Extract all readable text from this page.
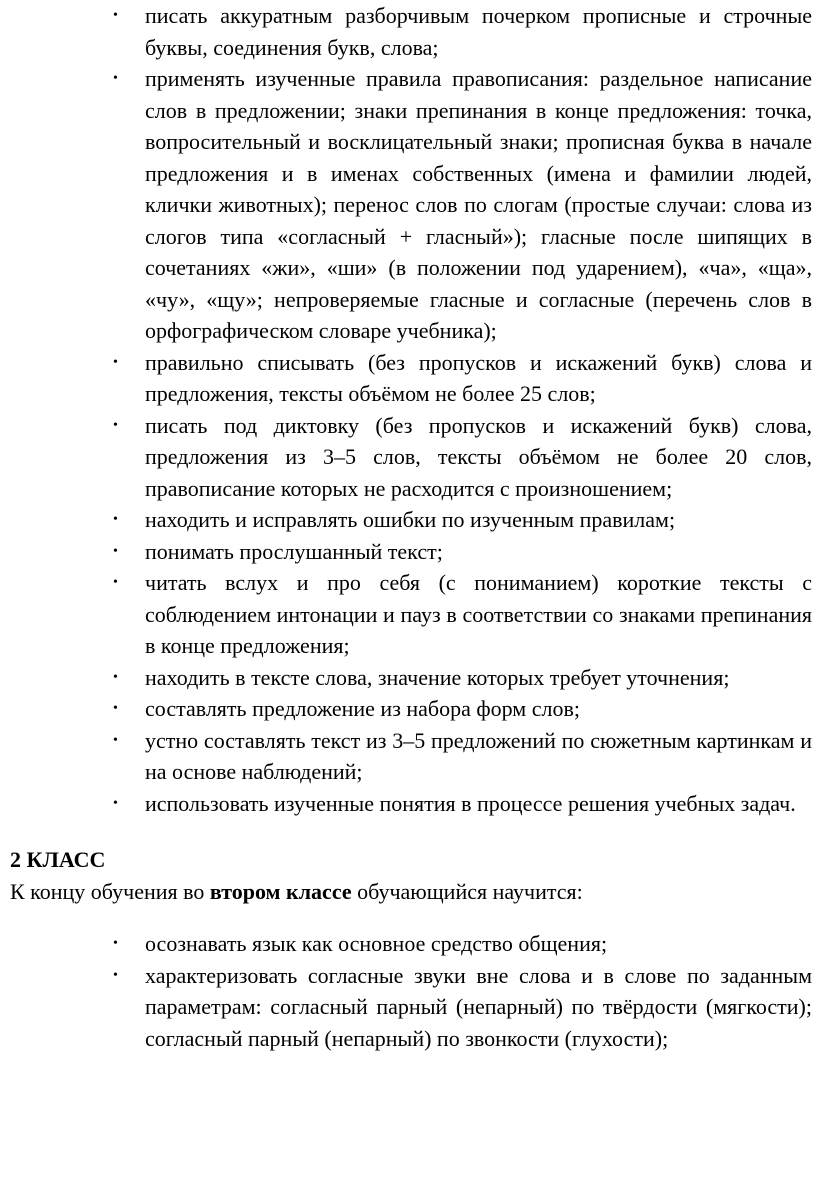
• писать аккуратным разборчивым почерком прописные и строчные буквы, соединения букв, слова;
• применять изученные правила правописания: раздельное написание слов в предложении; знаки препинания в конце предложения: точка, вопросительный и восклицательный знаки; прописная буква в начале предложения и в именах собственных (имена и фамилии людей, клички животных); перенос слов по слогам (простые случаи: слова из слогов типа «согласный + гласный»); гласные после шипящих в сочетаниях «жи», «ши» (в положении под ударением), «ча», «ща», «чу», «щу»; непроверяемые гласные и согласные (перечень слов в орфографическом словаре учебника);
• правильно списывать (без пропусков и искажений букв) слова и предложения, тексты объёмом не более 25 слов;
• писать под диктовку (без пропусков и искажений букв) слова, предложения из 3–5 слов, тексты объёмом не более 20 слов, правописание которых не расходится с произношением;
• находить и исправлять ошибки по изученным правилам;
• понимать прослушанный текст;
• читать вслух и про себя (с пониманием) короткие тексты с соблюдением интонации и пауз в соответствии со знаками препинания в конце предложения;
• находить в тексте слова, значение которых требует уточнения;
• составлять предложение из набора форм слов;
• устно составлять текст из 3–5 предложений по сюжетным картинкам и на основе наблюдений;
• использовать изученные понятия в процессе решения учебных задач.

2 КЛАСС

К концу обучения во втором классе обучающийся научится:

• осознавать язык как основное средство общения;
• характеризовать согласные звуки вне слова и в слове по заданным параметрам: согласный парный (непарный) по твёрдости (мягкости); согласный парный (непарный) по звонкости (глухости);
